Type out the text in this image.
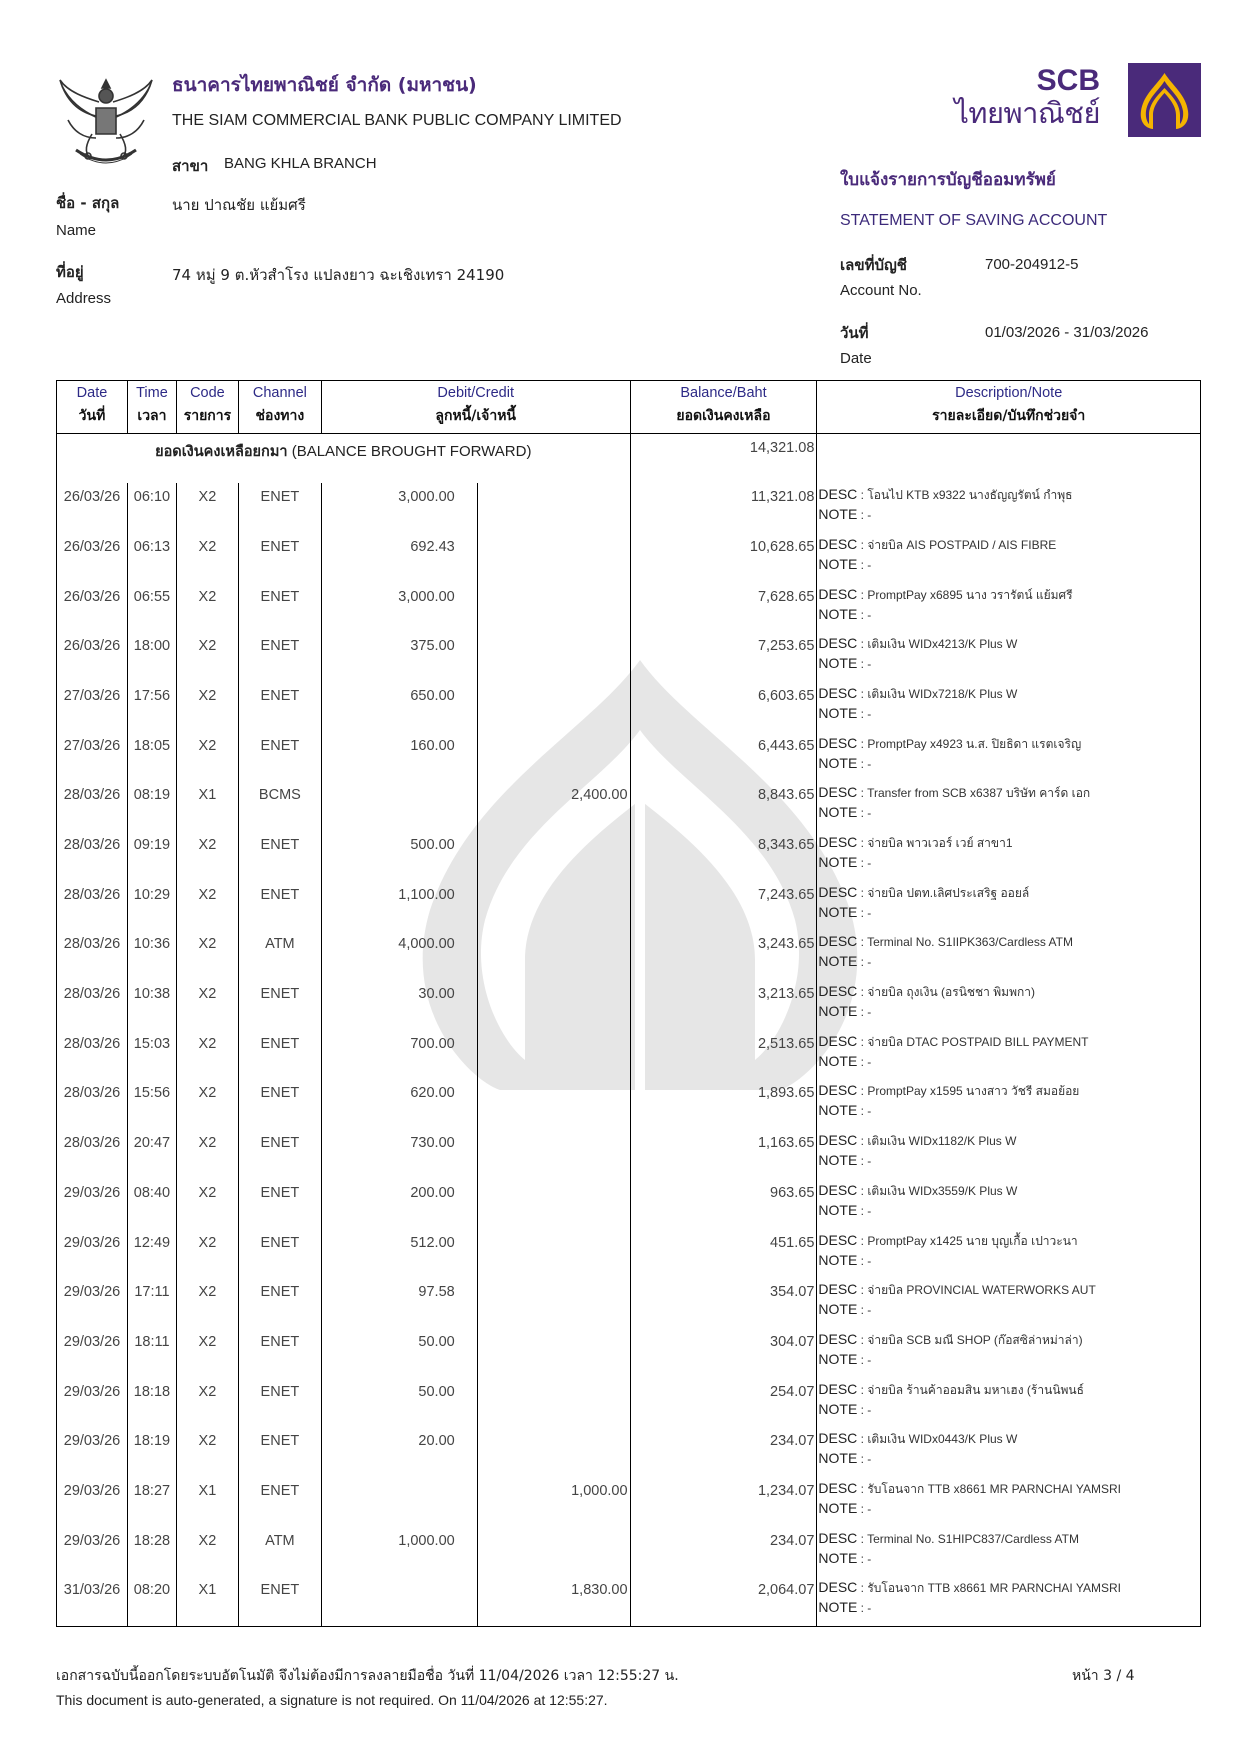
ธนาคารไทยพาณิชย์ จำกัด (มหาชน)
THE SIAM COMMERCIAL BANK PUBLIC COMPANY LIMITED
สาขา BANG KHLA BRANCH
SCB
ไทยพาณิชย์
ใบแจ้งรายการบัญชีออมทรัพย์
STATEMENT OF SAVING ACCOUNT
ชื่อ - สกุล
Name
นาย ปาณชัย แย้มศรี
ที่อยู่
Address
74 หมู่ 9 ต.หัวสำโรง แปลงยาว ฉะเชิงเทรา 24190
เลขที่บัญชี
Account No.
700-204912-5
วันที่
Date
01/03/2026 - 31/03/2026
Date	Time	Code	Channel	Debit/Credit		Balance/Baht	Description/Note
วันที่	เวลา	รายการ	ช่องทาง	ลูกหนี้/เจ้าหนี้		ยอดเงินคงเหลือ	รายละเอียด/บันทึกช่วยจำ
ยอดเงินคงเหลือยกมา (BALANCE BROUGHT FORWARD)						14,321.08	
26/03/26	06:10	X2	ENET	3,000.00		11,321.08	DESC : โอนไป KTB x9322 นางธัญญรัตน์ กำพุธ
NOTE : -

26/03/26	06:13	X2	ENET	692.43		10,628.65	DESC : จ่ายบิล AIS POSTPAID / AIS FIBRE
NOTE : -

26/03/26	06:55	X2	ENET	3,000.00		7,628.65	DESC : PromptPay x6895 นาง วรารัตน์ แย้มศรี
NOTE : -

26/03/26	18:00	X2	ENET	375.00		7,253.65	DESC : เติมเงิน WIDx4213/K Plus W
NOTE : -

27/03/26	17:56	X2	ENET	650.00		6,603.65	DESC : เติมเงิน WIDx7218/K Plus W
NOTE : -

27/03/26	18:05	X2	ENET	160.00		6,443.65	DESC : PromptPay x4923 น.ส. ปิยธิดา แรตเจริญ
NOTE : -

28/03/26	08:19	X1	BCMS		2,400.00	8,843.65	DESC : Transfer from SCB x6387 บริษัท คาร์ด เอก
NOTE : -

28/03/26	09:19	X2	ENET	500.00		8,343.65	DESC : จ่ายบิล พาวเวอร์ เวย์ สาขา1
NOTE : -

28/03/26	10:29	X2	ENET	1,100.00		7,243.65	DESC : จ่ายบิล ปตท.เลิศประเสริฐ ออยล์
NOTE : -

28/03/26	10:36	X2	ATM	4,000.00		3,243.65	DESC : Terminal No. S1IIPK363/Cardless ATM
NOTE : -

28/03/26	10:38	X2	ENET	30.00		3,213.65	DESC : จ่ายบิล ถุงเงิน (อรนิชชา พิมพกา)
NOTE : -

28/03/26	15:03	X2	ENET	700.00		2,513.65	DESC : จ่ายบิล DTAC POSTPAID BILL PAYMENT
NOTE : -

28/03/26	15:56	X2	ENET	620.00		1,893.65	DESC : PromptPay x1595 นางสาว วัชรี สมอย้อย
NOTE : -

28/03/26	20:47	X2	ENET	730.00		1,163.65	DESC : เติมเงิน WIDx1182/K Plus W
NOTE : -

29/03/26	08:40	X2	ENET	200.00		963.65	DESC : เติมเงิน WIDx3559/K Plus W
NOTE : -

29/03/26	12:49	X2	ENET	512.00		451.65	DESC : PromptPay x1425 นาย บุญเกื้อ เปาวะนา
NOTE : -

29/03/26	17:11	X2	ENET	97.58		354.07	DESC : จ่ายบิล PROVINCIAL WATERWORKS AUT
NOTE : -

29/03/26	18:11	X2	ENET	50.00		304.07	DESC : จ่ายบิล SCB มณี SHOP (ก๊อสซิล่าหม่าล่า)
NOTE : -

29/03/26	18:18	X2	ENET	50.00		254.07	DESC : จ่ายบิล ร้านค้าออมสิน มหาเฮง (ร้านนิพนธ์
NOTE : -

29/03/26	18:19	X2	ENET	20.00		234.07	DESC : เติมเงิน WIDx0443/K Plus W
NOTE : -

29/03/26	18:27	X1	ENET		1,000.00	1,234.07	DESC : รับโอนจาก TTB x8661 MR PARNCHAI YAMSRI
NOTE : -

29/03/26	18:28	X2	ATM	1,000.00		234.07	DESC : Terminal No. S1HIPC837/Cardless ATM
NOTE : -

31/03/26	08:20	X1	ENET		1,830.00	2,064.07	DESC : รับโอนจาก TTB x8661 MR PARNCHAI YAMSRI
NOTE : -
เอกสารฉบับนี้ออกโดยระบบอัตโนมัติ จึงไม่ต้องมีการลงลายมือชื่อ วันที่ 11/04/2026 เวลา 12:55:27 น.
This document is auto-generated, a signature is not required. On 11/04/2026 at 12:55:27.
หน้า 3 / 4
